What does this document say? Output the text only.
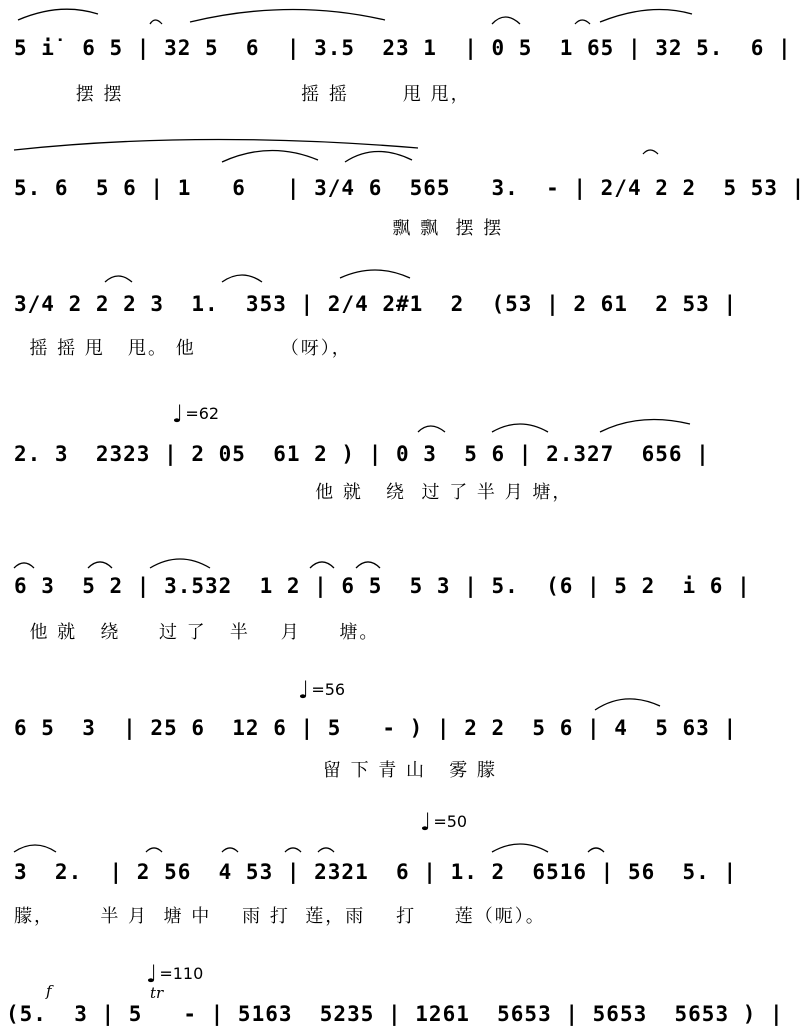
5 i̇  6 5 | 32 5  6  | 3.5  23 1  | 0 5  1 65 | 32 5.  6 |
摆 摆                       摇 摇       甩 甩，
5. 6  5 6 | 1   6   | 3/4 6  565   3.  - | 2/4 2 2  5 53 |
飘 飘  摆 摆
3/4 2 2 2 3  1.  353 | 2/4 2#1  2  (53 | 2 61  2 53 |
摇 摇 甩   甩。 他           （呀），
♩ =62
2. 3  2323 | 2 05  61 2 ) | 0 3  5 6 | 2.327  656 |
他 就   绕  过 了 半 月 塘，
6 3  5 2 | 3.532  1 2 | 6 5  5 3 | 5.  (6 | 5 2  i 6 |
他 就   绕     过 了   半    月     塘。
♩ =56
6 5  3  | 25 6  12 6 | 5   - ) | 2 2  5 6 | 4  5 63 |
留 下 青 山   雾 朦
♩ =50
3  2.  | 2 56  4 53 | 2321  6 | 1. 2  6516 | 56  5. |
朦，      半 月  塘 中    雨 打  莲，雨    打     莲（呃）。
♩ =110
f	tr
(5.  3 | 5   - | 5163  5235 | 1261  5653 | 5653  5653 ) |
